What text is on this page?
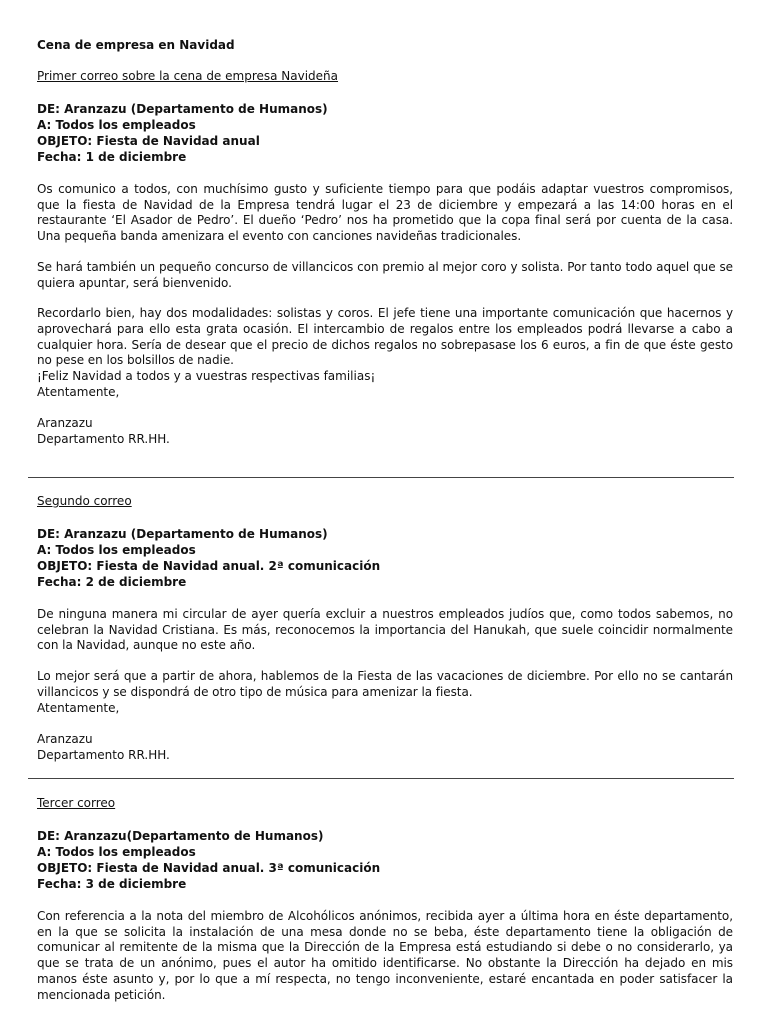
Cena de empresa en Navidad
Primer correo sobre la cena de empresa Navideña
DE: Aranzazu (Departamento de Humanos)
A: Todos los empleados
OBJETO: Fiesta de Navidad anual
Fecha: 1 de diciembre

Os comunico a todos, con muchísimo gusto y suficiente tiempo para que podáis adaptar vuestros compromisos, que la fiesta de Navidad de la Empresa tendrá lugar el 23 de diciembre y empezará a las 14:00 horas en el restaurante ‘El Asador de Pedro’. El dueño ‘Pedro’ nos ha prometido que la copa final será por cuenta de la casa. Una pequeña banda amenizara el evento con canciones navideñas tradicionales.

Se hará también un pequeño concurso de villancicos con premio al mejor coro y solista. Por tanto todo aquel que se quiera apuntar, será bienvenido.

Recordarlo bien, hay dos modalidades: solistas y coros. El jefe tiene una importante comunicación que hacernos y aprovechará para ello esta grata ocasión. El intercambio de regalos entre los empleados podrá llevarse a cabo a cualquier hora. Sería de desear que el precio de dichos regalos no sobrepasase los 6 euros, a fin de que éste gesto no pese en los bolsillos de nadie.

¡Feliz Navidad a todos y a vuestras respectivas familias¡
Atentamente,
Aranzazu
Departamento RR.HH.
Segundo correo
DE: Aranzazu (Departamento de Humanos)
A: Todos los empleados
OBJETO: Fiesta de Navidad anual. 2ª comunicación
Fecha: 2 de diciembre

De ninguna manera mi circular de ayer quería excluir a nuestros empleados judíos que, como todos sabemos, no celebran la Navidad Cristiana. Es más, reconocemos la importancia del Hanukah, que suele coincidir normalmente con la Navidad, aunque no este año.

Lo mejor será que a partir de ahora, hablemos de la Fiesta de las vacaciones de diciembre. Por ello no se cantarán villancicos y se dispondrá de otro tipo de música para amenizar la fiesta.

Atentamente,
Aranzazu
Departamento RR.HH.
Tercer correo
DE: Aranzazu(Departamento de Humanos)
A: Todos los empleados
OBJETO: Fiesta de Navidad anual. 3ª comunicación
Fecha: 3 de diciembre

Con referencia a la nota del miembro de Alcohólicos anónimos, recibida ayer a última hora en éste departamento, en la que se solicita la instalación de una mesa donde no se beba, éste departamento tiene la obligación de comunicar al remitente de la misma que la Dirección de la Empresa está estudiando si debe o no considerarlo, ya que se trata de un anónimo, pues el autor ha omitido identificarse. No obstante la Dirección ha dejado en mis manos éste asunto y, por lo que a mí respecta, no tengo inconveniente, estaré encantada en poder satisfacer la mencionada petición.
